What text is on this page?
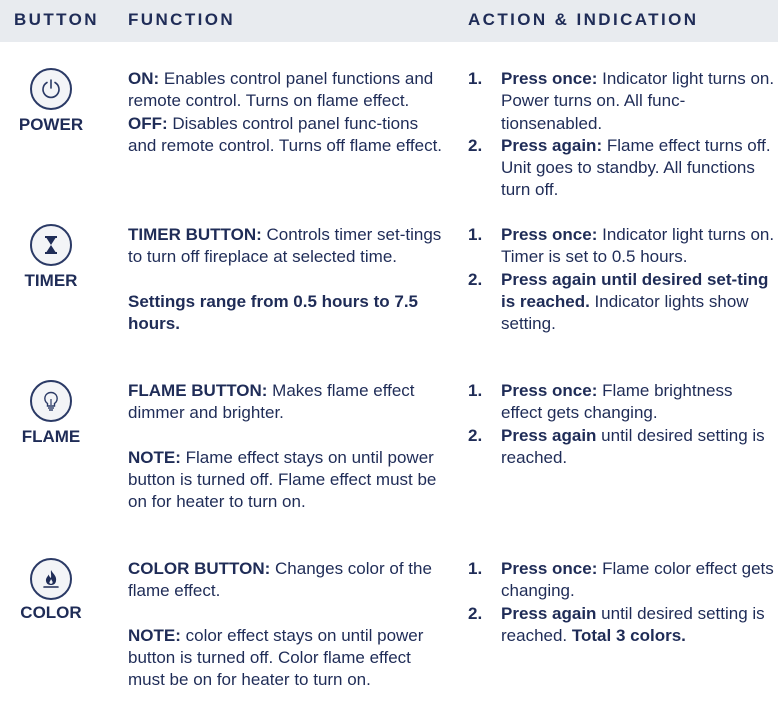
BUTTON FUNCTION	ACTION & INDICATION
POWER

ON: Enables control panel functions and remote control. Turns on flame effect.

OFF: Disables control panel func-tions and remote control. Turns off flame effect.

1. Press once: Indicator light turns on. Power turns on. All func-tionsenabled.
2. Press again: Flame effect turns off. Unit goes to standby. All functions turn off.
TIMER

TIMER BUTTON: Controls timer set-tings to turn off fireplace at selected time.

Settings range from 0.5 hours to 7.5 hours.

1. Press once: Indicator light turns on. Timer is set to 0.5 hours.
2. Press again until desired set-ting is reached. Indicator lights show setting.
FLAME

FLAME BUTTON: Makes flame effect dimmer and brighter.

NOTE: Flame effect stays on until power button is turned off. Flame effect must be on for heater to turn on.

1. Press once: Flame brightness effect gets changing.
2. Press again until desired setting is reached.
COLOR

COLOR BUTTON: Changes color of the flame effect.

NOTE: color effect stays on until power button is turned off. Color flame effect must be on for heater to turn on.

1. Press once: Flame color effect gets changing.
2. Press again until desired setting is reached. Total 3 colors.
